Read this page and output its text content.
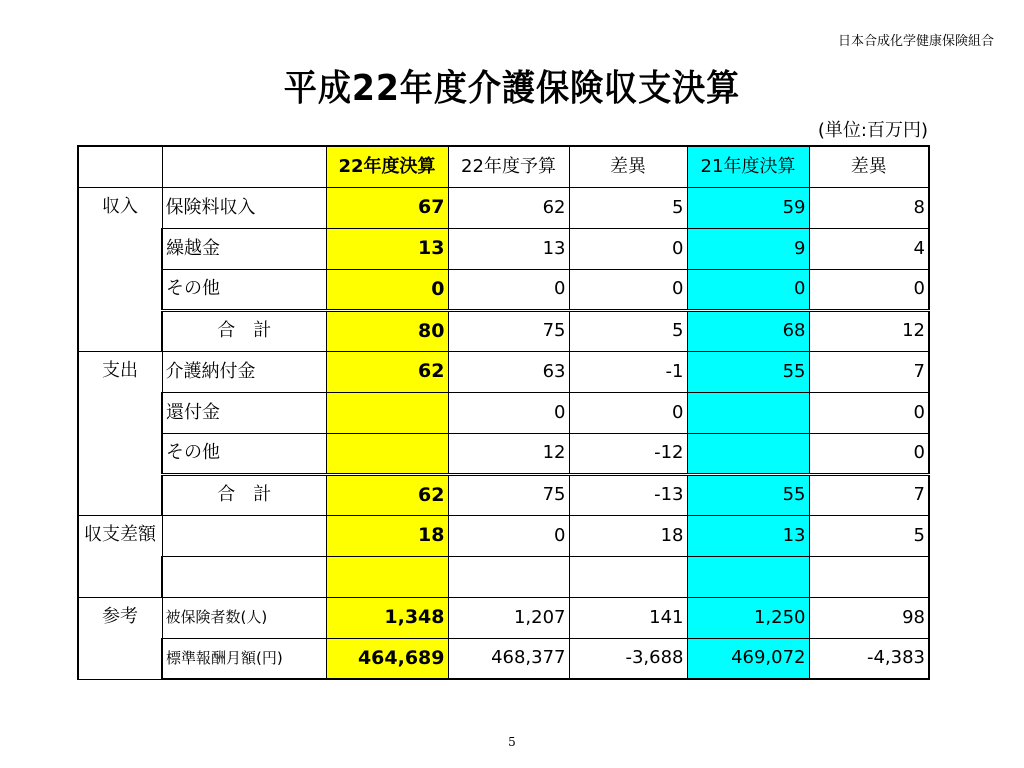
日本合成化学健康保険組合
平成22年度介護保険収支決算
(単位:百万円)
		22年度決算	22年度予算	差異	21年度決算	差異
収入	保険料収入	67	62	5	59	8
	繰越金	13	13	0	9	4
	その他	0	0	0	0	0
	合　計	80	75	5	68	12
支出	介護納付金	62	63	-1	55	7
	還付金		0	0		0
	その他		12	-12		0
	合　計	62	75	-13	55	7
収支差額		18	0	18	13	5

参考	被保険者数(人)	1,348	1,207	141	1,250	98
	標準報酬月額(円)	464,689	468,377	-3,688	469,072	-4,383
5
